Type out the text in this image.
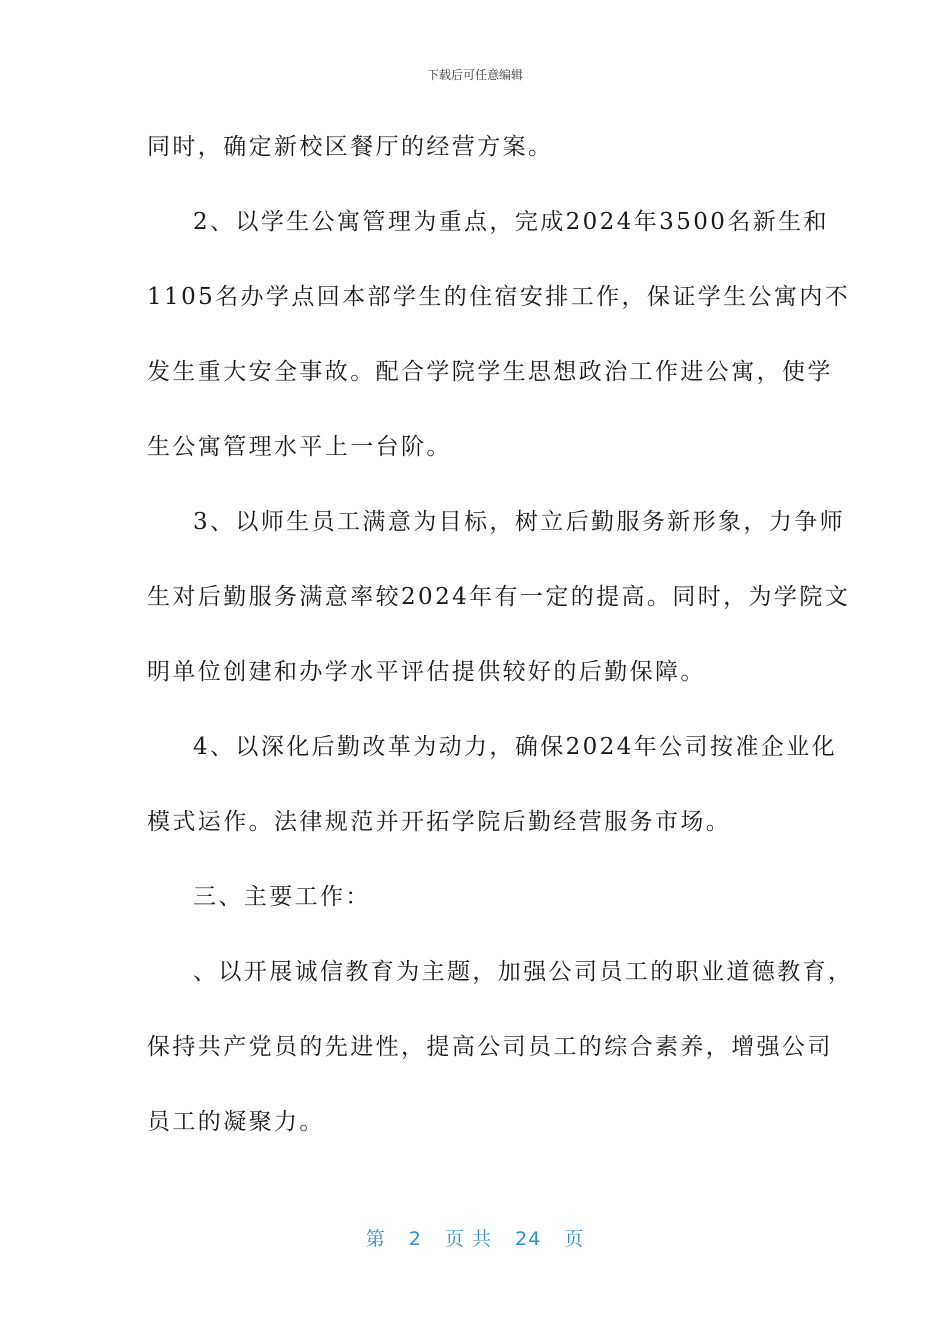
下载后可任意编辑
同时，确定新校区餐厅的经营方案。
2、以学生公寓管理为重点，完成2024年3500名新生和
1105名办学点回本部学生的住宿安排工作，保证学生公寓内不
发生重大安全事故。配合学院学生思想政治工作进公寓，使学
生公寓管理水平上一台阶。
3、以师生员工满意为目标，树立后勤服务新形象，力争师
生对后勤服务满意率较2024年有一定的提高。同时，为学院文
明单位创建和办学水平评估提供较好的后勤保障。
4、以深化后勤改革为动力，确保2024年公司按准企业化
模式运作。法律规范并开拓学院后勤经营服务市场。
三、主要工作：
、以开展诚信教育为主题，加强公司员工的职业道德教育，
保持共产党员的先进性，提高公司员工的综合素养，增强公司
员工的凝聚力。
第 2 页 共 24 页
